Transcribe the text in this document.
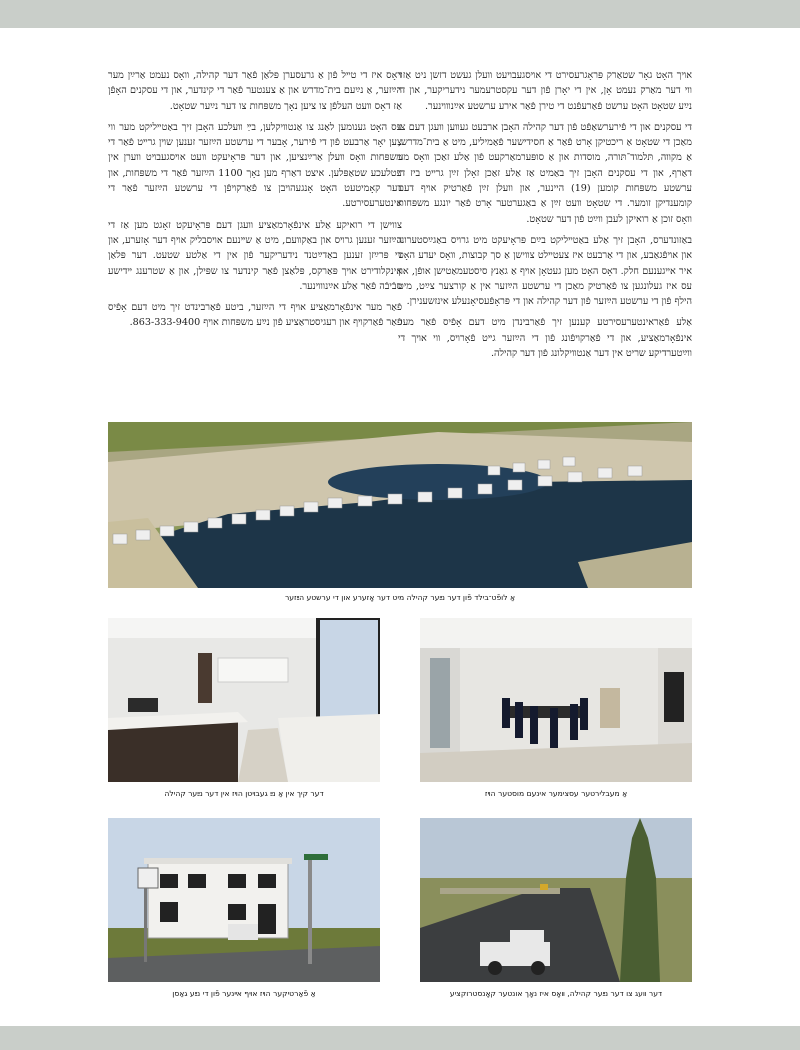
אױך האָט גאָר שטאַרק פּראָגרעסירט די אױסגעבױעט װעלן געשט דזשן ניט אַזױ װי דער מאַרק נעמט אָן, אין די יאָרן פֿון דער עקסטרעמער נידעריקער, און די נײַע שטאָט האָט ערשט פֿאַרעפֿנט די טירן פֿאַר אירע ערשטע אײַנװױנער.

די עסקנים און די פֿירערשאַפֿט פֿון דער קהילה האָבן ארבעט געװען װעגן דעם צו מאַכן די שטאָט אַ ריכטיקן אָרט פֿאַר אַ חסידישער פֿאַמיליע, מיט אַ בית־מדרש, אַ מקװה, תּלמוד־תּורה, מוסדות און אַ סופּערמאַרקעט פֿון אַלע זאַכן װאָס מע דאַרף, און די עסקנים האָבן זיך באַמיט אַז אַלע זאַכן זאָלן זײַן גרײט ביז די ערשטע משפּחות קומען (19) היינער, און װעלן זײַן פֿאַרטיק אױף דעם קומענדיקן זומער. די שטאָט װעט זײַן אַ באַגערטער אָרט פֿאַר יונגע משפּחות װאָס זוכן אַ רואיקן לעבן װײַט פֿון דער שטאָט.

באַזונדערס, האָבן זיך אַלע באַטײליקט בײַם פּראָיעקט מיט גרױס באַגײַסטערונג און אױפֿגאַבע, און די אַרבעט איז צעטײלט צװישן אַ סך קבוצות, װאָס יעדע האָט איר אײגענעם חלק. דאָס האָט מען געטאָן אױף אַ גאַנץ סיסטעמאַטישן אופֿן, און עס איז געלונגען צו פֿאַרטיק מאַכן די ערשטע הײַזער אין אַ קורצער צײַט, מיט הילף פֿון די ערשטע הײַזער פֿון דער קהילה און די פּראָפֿעסיאָנעלע אינזשענירן.

אַלע פֿאַראינטערעסירטע קענען זיך פֿאַרבינדן מיט דעם אָפֿיס פֿאַר מער אינפֿאָרמאַציע, און די פֿאַרקױפֿונג פֿון די הײַזער גײט פֿאָרױס, װי אױך די װײַטערדיקע שריט אין דער אַנטװיקלונג פֿון דער קהילה.

דאָס איז די טײל פֿון אַ גרעסערן פּלאַן פֿאַר דער קהילה, װאָס נעמט אַרײַן מער הײַזער, אַ נײַעם בית־מדרש און אַ צענטער פֿאַר די קינדער, און די עסקנים האָפֿן אַז דאָס װעט העלפֿן צו ציען נאָך משפּחות צו דער נײַער שטאָט.

עס האָט גענומען לאַנג צו אַנטװיקלען, בײַ װעלכע האָבן זיך באַטײליקט מער װי צען יאָר אַרבעט פֿון די פֿירער, אָבער די ערשטע הײַזער זענען שױן גרײט פֿאַר די משפּחות װאָס װעלן אַרײַנציען, און דער פּראָיעקט װעט אױסגעבױט װערן אין עטלעכע שטאַפּלען. איצט דאַרף מען נאָך 1100 הײַזער פֿאַר די משפּחות, און דער קאָמיטעט האָט אָנגעהױבן צו פֿאַרקױפֿן די ערשטע הײַזער פֿאַר די אינטערעסירטע.

צווישן די רואיקע אַלע אינפֿאָרמאַציע װעגן דעם פּראָיעקט זאָגט מען אַז די הײַזער זענען גרױס און באַקװעם, מיט אַ שײנעם אױסבליק אױף דער אָזערע, און די פּרײַזן זענען באַדײַטנד נידעריקער פֿון אין די אַלטע שטעט. דער פּלאַן אינקלודירט אױך פּאַרקס, פּלאַצן פֿאַר קינדער צו שפּילן, און אַ שטרענג ײדישע סבֿיבֿה פֿאַר אַלע אײַנװױנער.

פֿאַר מער אינפֿאָרמאַציע אױף די הײַזער, ביטע פֿאַרבינדט זיך מיט דעם אָפֿיס פֿאַר פֿאַרקױף און רעגיסטראַציע פֿון נײַע משפּחות אױף 863-333-9400.

אַ לופֿט־בילד פֿון דער נײַער קהילה מיט דער אָזערע און די ערשטע הײַזער
אַ מעבלירטער עסצימער אינעם מוסטער הױז
דער קיך אין אַ נײַ געבױטן הױז אין דער נײַער קהילה
דער װעג צו דער נײַער קהילה, װאָס איז נאָך אונטער קאָנסטרוקציע
אַ פֿאַרטיקער הױז אױף אײנער פֿון די נײַע גאַסן
